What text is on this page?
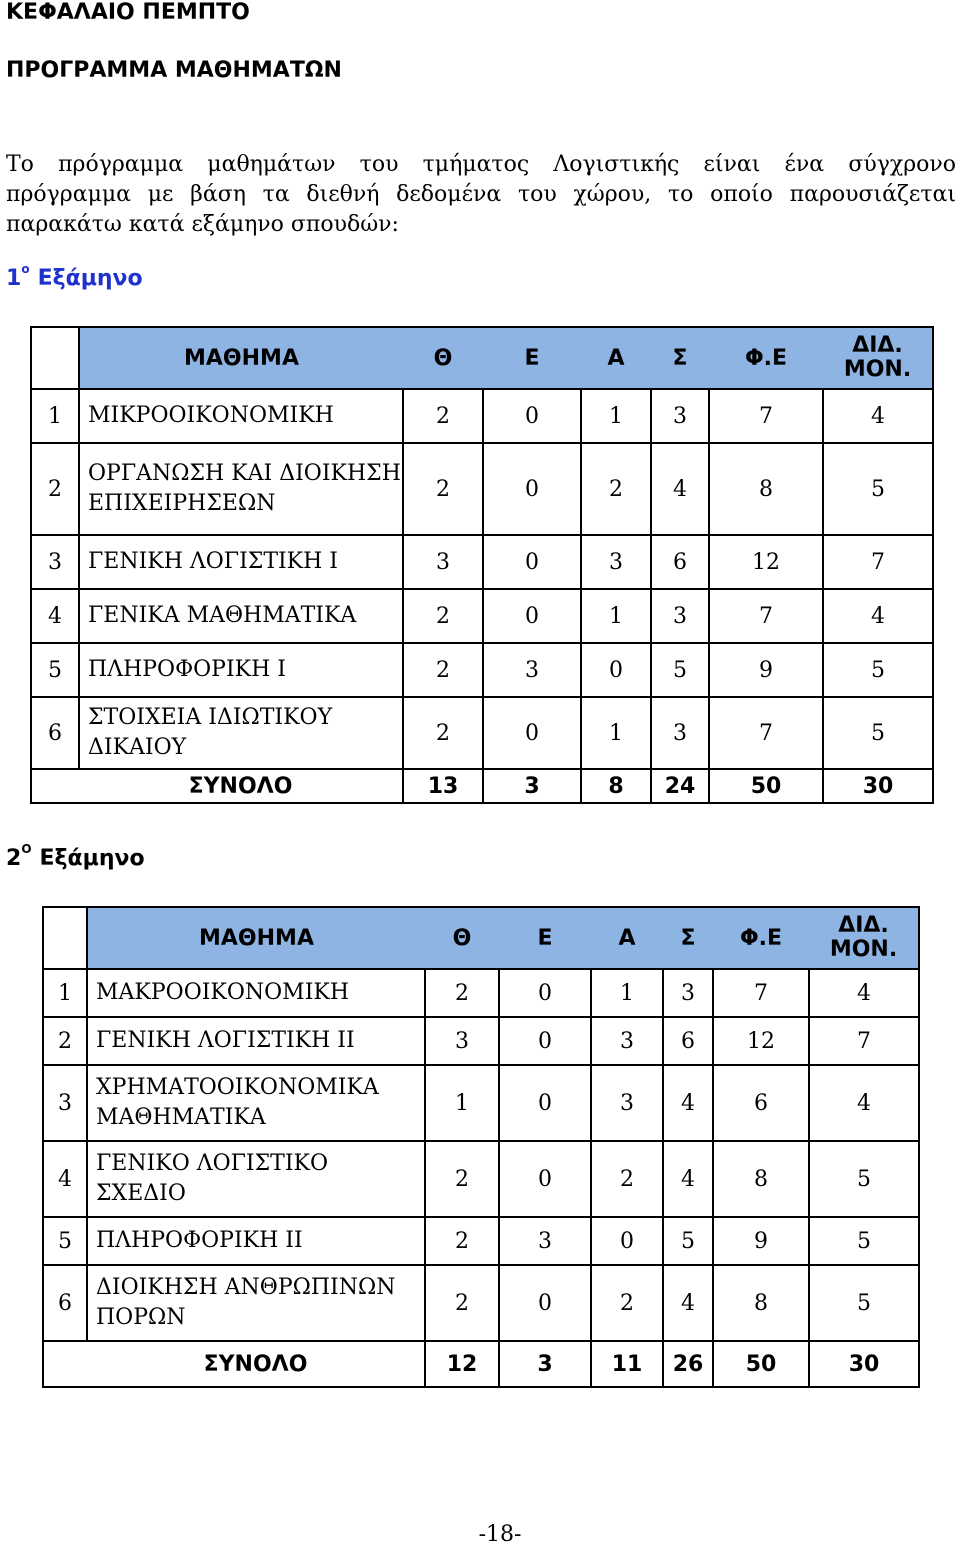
ΚΕΦΑΛΑΙΟ ΠΕΜΠΤΟ
ΠΡΟΓΡΑΜΜΑ ΜΑΘΗΜΑΤΩΝ
Το πρόγραμμα μαθημάτων του τμήματος Λογιστικής είναι ένα σύγχρονο
πρόγραμμα με βάση τα διεθνή δεδομένα του χώρου, το οποίο παρουσιάζεται
παρακάτω κατά εξάμηνο σπουδών:
$1^o$ Εξάμηνο
	ΜΑΘΗΜΑ	Θ	Ε	Α	Σ	Φ.Ε	ΔΙΔ. ΜΟΝ.
1	ΜΙΚΡΟΟΙΚΟΝΟΜΙΚΗ	2	0	1	3	7	4
2	ΟΡΓΑΝΩΣΗ ΚΑΙ ΔΙΟΙΚΗΣΗ ΕΠΙΧΕΙΡΗΣΕΩΝ	2	0	2	4	8	5
3	ΓΕΝΙΚΗ ΛΟΓΙΣΤΙΚΗ Ι	3	0	3	6	12	7
4	ΓΕΝΙΚΑ ΜΑΘΗΜΑΤΙΚΑ	2	0	1	3	7	4
5	ΠΛΗΡΟΦΟΡΙΚΗ Ι	2	3	0	5	9	5
6	ΣΤΟΙΧΕΙΑ ΙΔΙΩΤΙΚΟΥ ΔΙΚΑΙΟΥ	2	0	1	3	7	5
	ΣΥΝΟΛΟ	13	3	8	24	50	30
$2^O$ Εξάμηνο
	ΜΑΘΗΜΑ	Θ	Ε	Α	Σ	Φ.Ε	ΔΙΔ. ΜΟΝ.
1	ΜΑΚΡΟΟΙΚΟΝΟΜΙΚΗ	2	0	1	3	7	4
2	ΓΕΝΙΚΗ ΛΟΓΙΣΤΙΚΗ ΙΙ	3	0	3	6	12	7
3	ΧΡΗΜΑΤΟΟΙΚΟΝΟΜΙΚΑ ΜΑΘΗΜΑΤΙΚΑ	1	0	3	4	6	4
4	ΓΕΝΙΚΟ ΛΟΓΙΣΤΙΚΟ ΣΧΕΔΙΟ	2	0	2	4	8	5
5	ΠΛΗΡΟΦΟΡΙΚΗ ΙΙ	2	3	0	5	9	5
6	ΔΙΟΙΚΗΣΗ ΑΝΘΡΩΠΙΝΩΝ ΠΟΡΩΝ	2	0	2	4	8	5
	ΣΥΝΟΛΟ	12	3	11	26	50	30
-18-
